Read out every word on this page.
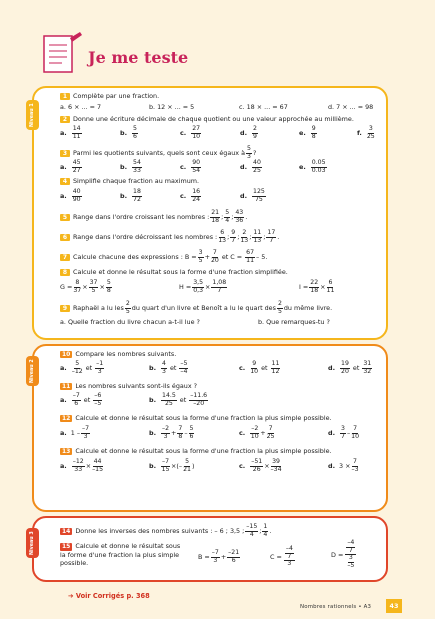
Je me teste
Niveau 1
1 Complète par une fraction.
a. 6 × ... = 7	b. 12 × ... = 5	c. 18 × ... = 67	d. 7 × ... = 98
2 Donne une écriture décimale de chaque quotient ou une valeur approchée au millième.
a. $\frac{14}{11}$	b. $\frac{5}{6}$	c. $\frac{27}{10}$	d. $\frac{2}{9}$	e. $\frac{9}{8}$	f. $\frac{3}{25}$
3 Parmi les quotients suivants, quels sont ceux égaux à $\frac{5}{3}$ ?
a. $\frac{45}{27}$	b. $\frac{54}{33}$	c. $\frac{90}{54}$	d. $\frac{40}{25}$	e. $\frac{0.05}{0.03}$
4 Simplifie chaque fraction au maximum.
a. $\frac{40}{90}$	b. $\frac{18}{72}$	c. $\frac{16}{24}$	d. $\frac{125}{75}$
5 Range dans l'ordre croissant les nombres : $\frac{21}{18}$ ; $\frac{5}{4}$ ; $\frac{43}{36}$ .
6 Range dans l'ordre décroissant les nombres : $\frac{6}{13}$ ; $\frac{9}{7}$ ; $\frac{2}{13}$ ; $\frac{11}{13}$ ; $\frac{17}{7}$ .
7 Calcule chacune des expressions : $B = \frac{3}{5} + \frac{7}{20}$ et $C = \frac{67}{11} - 5$.
8 Calcule et donne le résultat sous la forme d'une fraction simplifiée.
$G = \frac{8}{37} \times \frac{37}{5} \times \frac{5}{8}$	$H = \frac{3,5}{0,3} \times \frac{1,08}{7}$	$I = \frac{22}{18} \times \frac{6}{11}$
9 Raphaël a lu les $\frac{2}{5}$ du quart d'un livre et Benoît a lu le quart des $\frac{2}{5}$ du même livre.
a. Quelle fraction du livre chacun a-t-il lue ?	b. Que remarques-tu ?
Niveau 2
10 Compare les nombres suivants.
a. $\frac{5}{-12}$ et $\frac{-1}{3}$	b. $\frac{4}{3}$ et $\frac{-5}{-4}$	c. $\frac{9}{10}$ et $\frac{11}{12}$	d. $\frac{19}{20}$ et $\frac{31}{32}$
11 Les nombres suivants sont-ils égaux ?
a. $\frac{-7}{6}$ et $\frac{-6}{-5}$	b. $\frac{14.5}{25}$ et $\frac{-11.6}{-20}$
12 Calcule et donne le résultat sous la forme d'une fraction la plus simple possible.
a. $1 - \frac{-7}{3}$	b. $\frac{-2}{3} + \frac{7}{8} - \frac{5}{6}$	c. $\frac{-2}{10} + \frac{7}{25}$	d. $\frac{3}{7} - \frac{7}{10}$
13 Calcule et donne le résultat sous la forme d'une fraction la plus simple possible.
a. $\frac{-12}{33} \times \frac{44}{-15}$	b. $\frac{-7}{15}$ ×(– $\frac{5}{21}$ )	c. $\frac{-51}{26} \times \frac{39}{-34}$	d. $3 \times \frac{7}{-3}$
Niveau 3
14 Donne les inverses des nombres suivants : – 6 ; 3,5 ; $\frac{-15}{4}$ ; $\frac{1}{4}$ .
15 Calcule et donne le résultat sous la forme d'une fraction la plus simple possible.
$B = \frac{-7}{3} + \frac{-21}{6}$	$C = \frac{\frac{-4}{7}}{3}$	$D = \frac{\frac{-4}{7}}{\frac{3}{-5}}$
➔ Voir Corrigés p. 368
Nombres rationnels • A3	43
